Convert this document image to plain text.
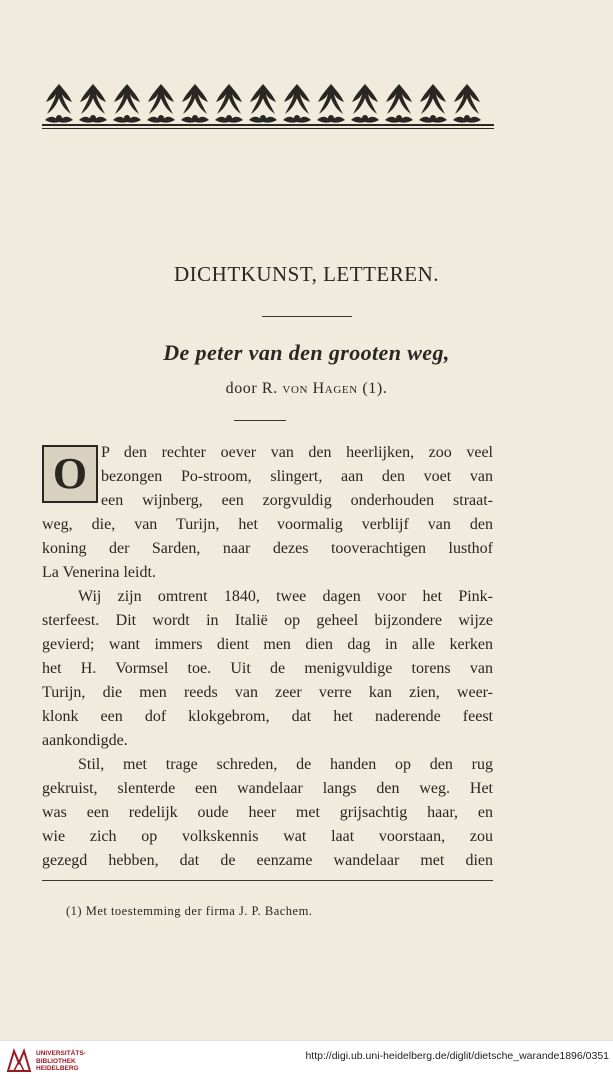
DICHTKUNST, LETTEREN.
De peter van den grooten weg,
door R. von Hagen (1).
O P den rechter oever van den heerlijken, zoo veel
bezongen Po-stroom, slingert, aan den voet van
een wijnberg, een zorgvuldig onderhouden straat-
weg, die, van Turijn, het voormalig verblijf van den
koning der Sarden, naar dezes tooverachtigen lusthof
La Venerina leidt.
Wij zijn omtrent 1840, twee dagen voor het Pink-
sterfeest. Dit wordt in Italië op geheel bijzondere wijze
gevierd; want immers dient men dien dag in alle kerken
het H. Vormsel toe. Uit de menigvuldige torens van
Turijn, die men reeds van zeer verre kan zien, weer-
klonk een dof klokgebrom, dat het naderende feest
aankondigde.
Stil, met trage schreden, de handen op den rug
gekruist, slenterde een wandelaar langs den weg. Het
was een redelijk oude heer met grijsachtig haar, en
wie zich op volkskennis wat laat voorstaan, zou
gezegd hebben, dat de eenzame wandelaar met dien
(1) Met toestemming der firma J. P. Bachem.
UNIVERSITÄTS-
BIBLIOTHEK
HEIDELBERG
http://digi.ub.uni-heidelberg.de/diglit/dietsche_warande1896/0351
